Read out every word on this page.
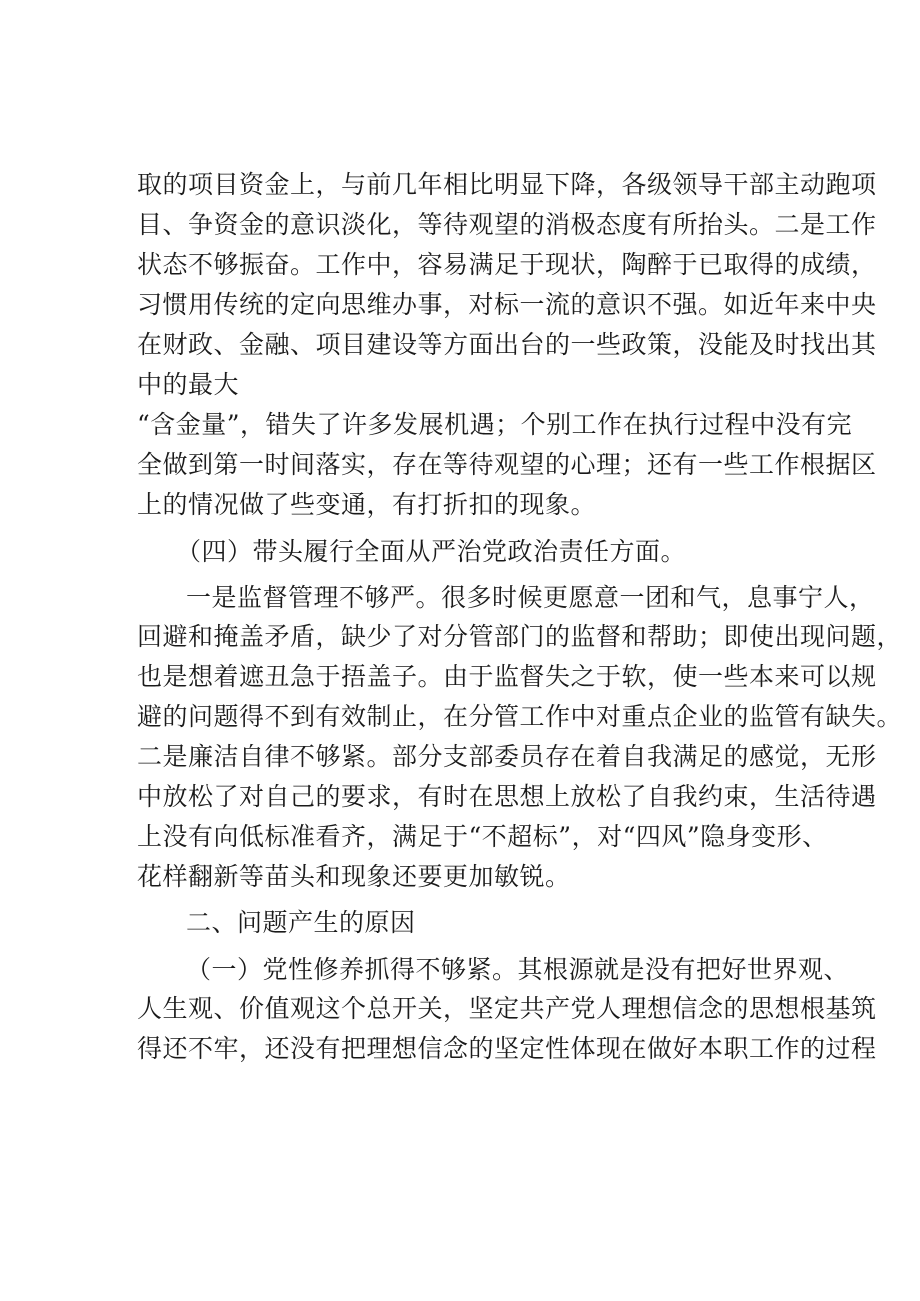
取的项目资金上，与前几年相比明显下降，各级领导干部主动跑项
目、争资金的意识淡化，等待观望的消极态度有所抬头。二是工作
状态不够振奋。工作中，容易满足于现状，陶醉于已取得的成绩，
习惯用传统的定向思维办事，对标一流的意识不强。如近年来中央
在财政、金融、项目建设等方面出台的一些政策，没能及时找出其
中的最大
“含金量”，错失了许多发展机遇；个别工作在执行过程中没有完
全做到第一时间落实，存在等待观望的心理；还有一些工作根据区
上的情况做了些变通，有打折扣的现象。
（四）带头履行全面从严治党政治责任方面。
一是监督管理不够严。很多时候更愿意一团和气，息事宁人，
回避和掩盖矛盾，缺少了对分管部门的监督和帮助；即使出现问题，
也是想着遮丑急于捂盖子。由于监督失之于软，使一些本来可以规
避的问题得不到有效制止，在分管工作中对重点企业的监管有缺失。
二是廉洁自律不够紧。部分支部委员存在着自我满足的感觉，无形
中放松了对自己的要求，有时在思想上放松了自我约束，生活待遇
上没有向低标准看齐，满足于“不超标”，对“四风”隐身变形、
花样翻新等苗头和现象还要更加敏锐。
二、问题产生的原因
（一）党性修养抓得不够紧。其根源就是没有把好世界观、
人生观、价值观这个总开关，坚定共产党人理想信念的思想根基筑
得还不牢，还没有把理想信念的坚定性体现在做好本职工作的过程
